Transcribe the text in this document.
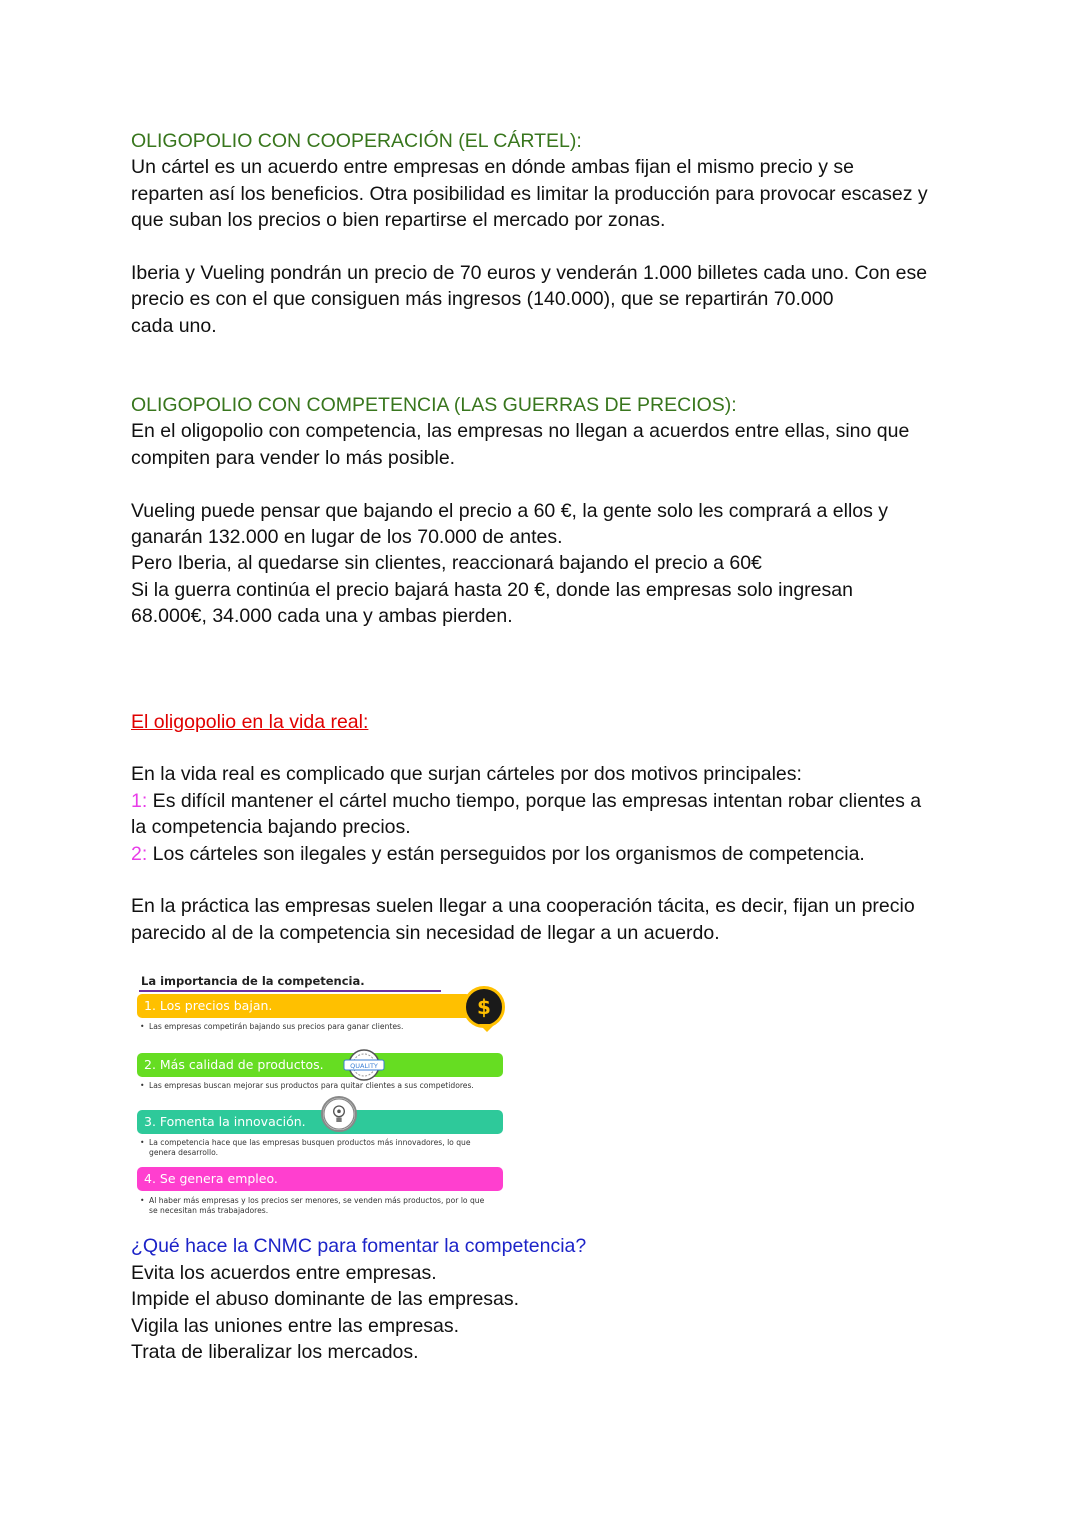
OLIGOPOLIO CON COOPERACIÓN (EL CÁRTEL):

Un cártel es un acuerdo entre empresas en dónde ambas fijan el mismo precio y se

reparten así los beneficios. Otra posibilidad es limitar la producción para provocar escasez y

que suban los precios o bien repartirse el mercado por zonas.

Iberia y Vueling pondrán un precio de 70 euros y venderán 1.000 billetes cada uno. Con ese

precio es con el que consiguen más ingresos (140.000), que se repartirán 70.000

cada uno.

OLIGOPOLIO CON COMPETENCIA (LAS GUERRAS DE PRECIOS):

En el oligopolio con competencia, las empresas no llegan a acuerdos entre ellas, sino que

compiten para vender lo más posible.

Vueling puede pensar que bajando el precio a 60 €, la gente solo les comprará a ellos y

ganarán 132.000 en lugar de los 70.000 de antes.

Pero Iberia, al quedarse sin clientes, reaccionará bajando el precio a 60€

Si la guerra continúa el precio bajará hasta 20 €, donde las empresas solo ingresan

68.000€, 34.000 cada una y ambas pierden.

El oligopolio en la vida real:

En la vida real es complicado que surjan cárteles por dos motivos principales:

1: Es difícil mantener el cártel mucho tiempo, porque las empresas intentan robar clientes a

la competencia bajando precios.

2: Los cárteles son ilegales y están perseguidos por los organismos de competencia.

En la práctica las empresas suelen llegar a una cooperación tácita, es decir, fijan un precio

parecido al de la competencia sin necesidad de llegar a un acuerdo.

La importancia de la competencia.
1. Los precios bajan.
• Las empresas competirán bajando sus precios para ganar clientes.
2. Más calidad de productos.
• Las empresas buscan mejorar sus productos para quitar clientes a sus competidores.
3. Fomenta la innovación.
• La competencia hace que las empresas busquen productos más innovadores, lo que genera desarrollo.
4. Se genera empleo.
• Al haber más empresas y los precios ser menores, se venden más productos, por lo que se necesitan más trabajadores.
$
QUALITY

¿Qué hace la CNMC para fomentar la competencia?

Evita los acuerdos entre empresas.

Impide el abuso dominante de las empresas.

Vigila las uniones entre las empresas.

Trata de liberalizar los mercados.
